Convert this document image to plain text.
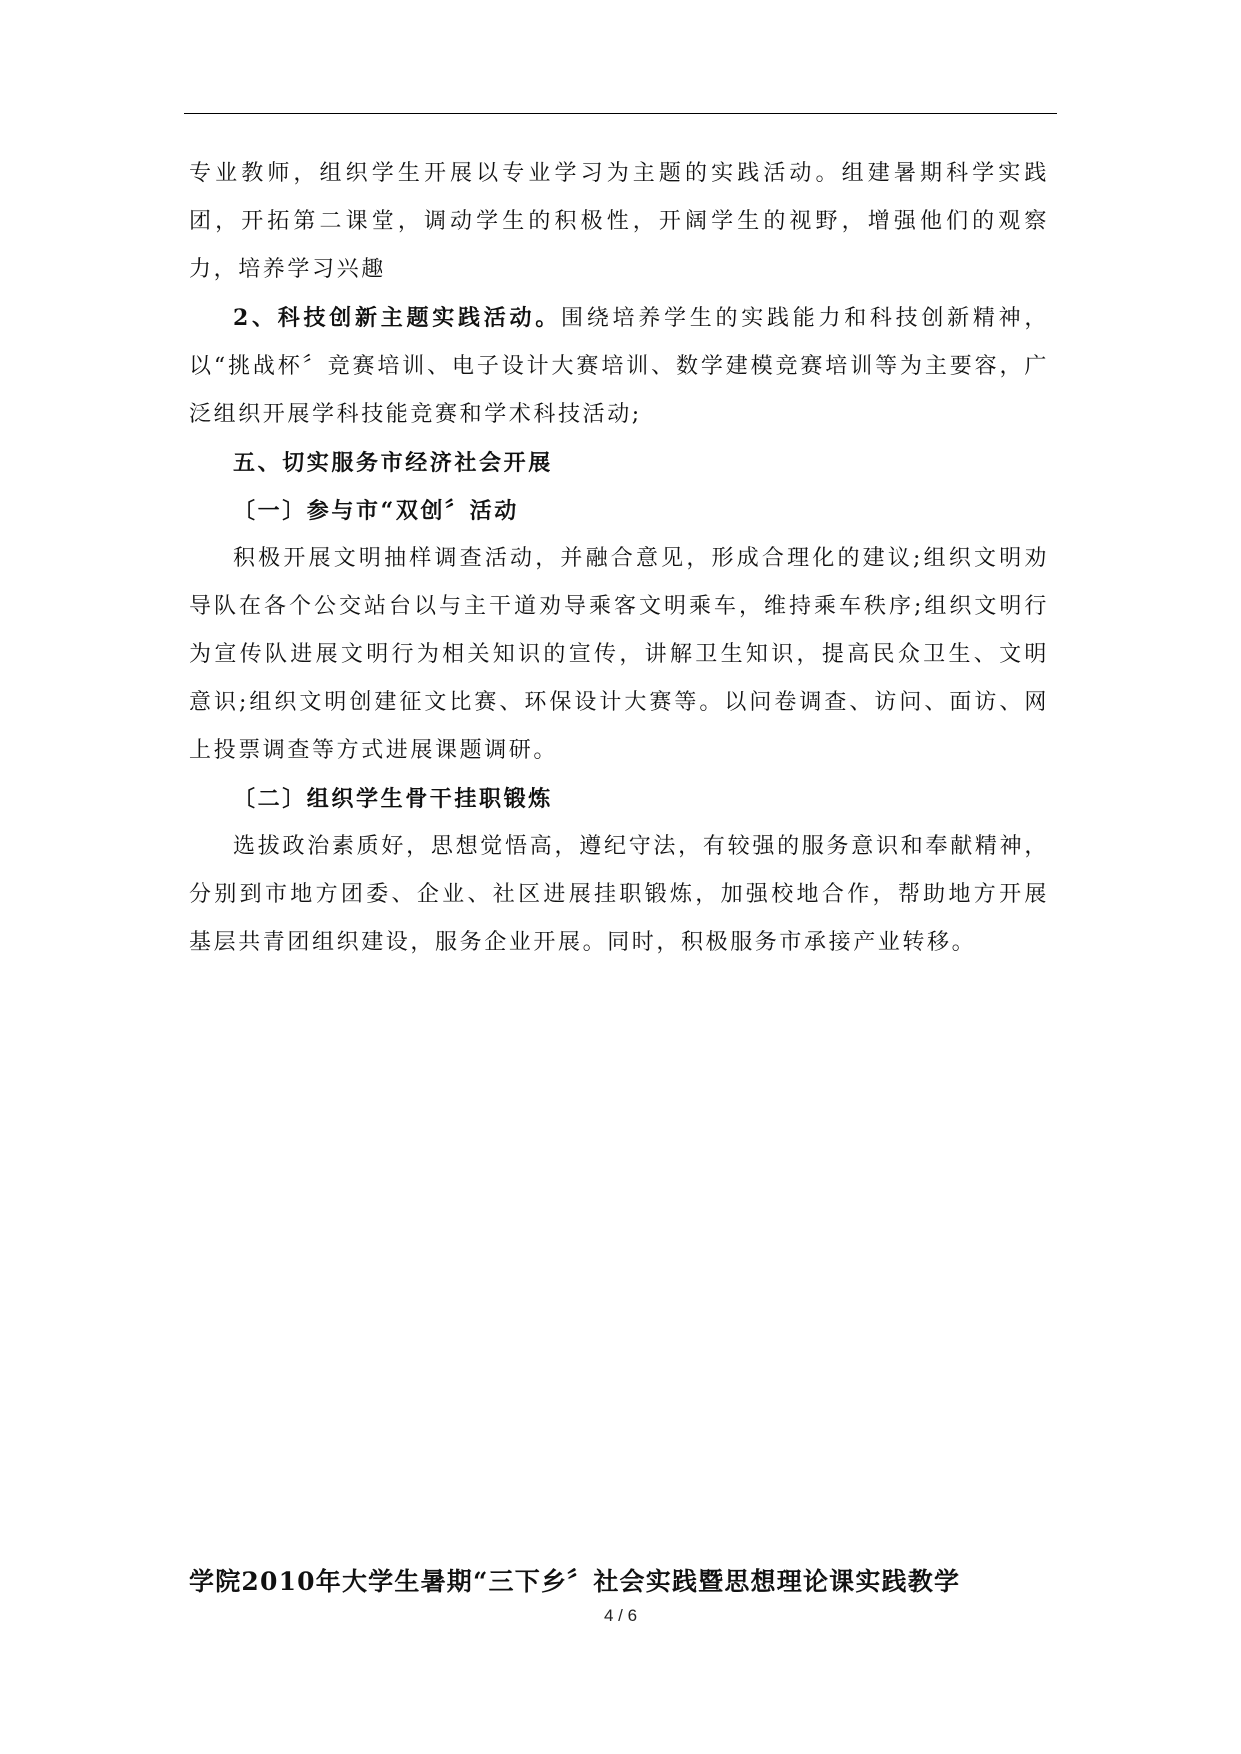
专业教师，组织学生开展以专业学习为主题的实践活动。组建暑期科学实践团，开拓第二课堂，调动学生的积极性，开阔学生的视野，增强他们的观察力，培养学习兴趣

2、科技创新主题实践活动。围绕培养学生的实践能力和科技创新精神，以“挑战杯〞竞赛培训、电子设计大赛培训、数学建模竞赛培训等为主要容，广泛组织开展学科技能竞赛和学术科技活动;

五、切实服务市经济社会开展

〔一〕参与市“双创〞活动

积极开展文明抽样调查活动，并融合意见，形成合理化的建议;组织文明劝导队在各个公交站台以与主干道劝导乘客文明乘车，维持乘车秩序;组织文明行为宣传队进展文明行为相关知识的宣传，讲解卫生知识，提高民众卫生、文明意识;组织文明创建征文比赛、环保设计大赛等。以问卷调查、访问、面访、网上投票调查等方式进展课题调研。

〔二〕组织学生骨干挂职锻炼

选拔政治素质好，思想觉悟高，遵纪守法，有较强的服务意识和奉献精神，分别到市地方团委、企业、社区进展挂职锻炼，加强校地合作，帮助地方开展基层共青团组织建设，服务企业开展。同时，积极服务市承接产业转移。

学院2010年大学生暑期“三下乡〞社会实践暨思想理论课实践教学
4 / 6
